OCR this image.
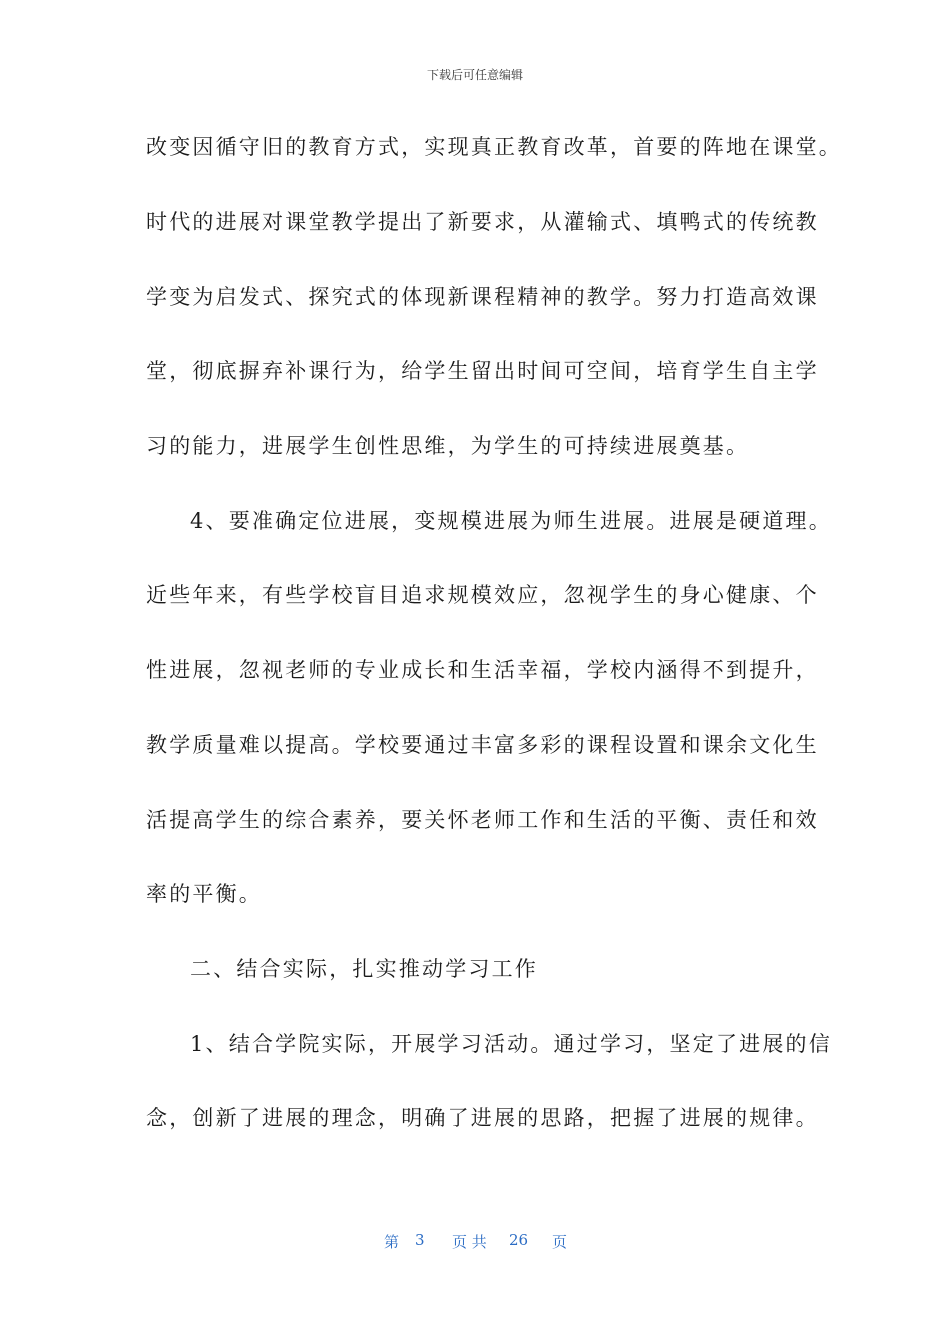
下载后可任意编辑
改变因循守旧的教育方式，实现真正教育改革，首要的阵地在课堂。
时代的进展对课堂教学提出了新要求，从灌输式、填鸭式的传统教
学变为启发式、探究式的体现新课程精神的教学。努力打造高效课
堂，彻底摒弃补课行为，给学生留出时间可空间，培育学生自主学
习的能力，进展学生创性思维，为学生的可持续进展奠基。
4、要准确定位进展，变规模进展为师生进展。进展是硬道理。
近些年来，有些学校盲目追求规模效应，忽视学生的身心健康、个
性进展，忽视老师的专业成长和生活幸福，学校内涵得不到提升，
教学质量难以提高。学校要通过丰富多彩的课程设置和课余文化生
活提高学生的综合素养，要关怀老师工作和生活的平衡、责任和效
率的平衡。
二、结合实际，扎实推动学习工作
1、结合学院实际，开展学习活动。通过学习，坚定了进展的信
念，创新了进展的理念，明确了进展的思路，把握了进展的规律。
第 3 页 共 26 页
